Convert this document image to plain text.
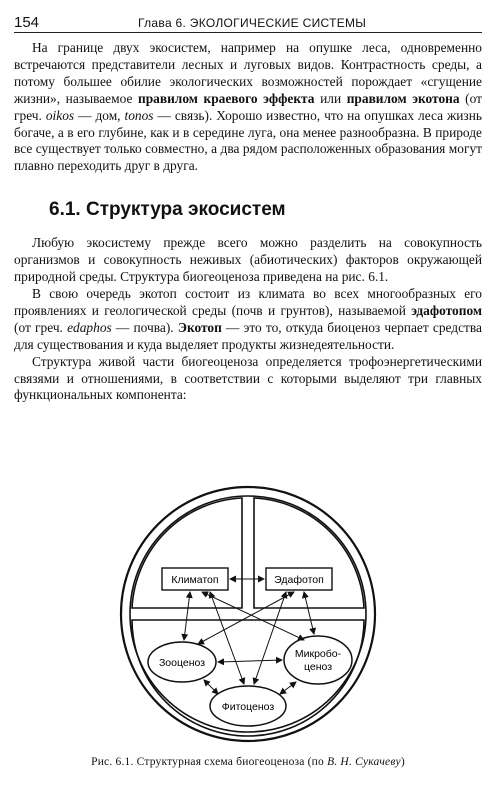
154	Глава 6. ЭКОЛОГИЧЕСКИЕ СИСТЕМЫ

На границе двух экосистем, например на опушке леса, одновременно встречаются представители лесных и луговых видов. Контрастность среды, а потому большее обилие экологических возможностей порождает «сгущение жизни», называемое правилом краевого эффекта или правилом экотона (от греч. oikos — дом, tonos — связь). Хорошо известно, что на опушках леса жизнь богаче, а в его глубине, как и в середине луга, она менее разнообразна. В природе все существует только совместно, а два рядом расположенных образования могут плавно переходить друг в друга.

6.1. Структура экосистем

Любую экосистему прежде всего можно разделить на совокупность организмов и совокупность неживых (абиотических) факторов окружающей природной среды. Структура биогеоценоза приведена на рис. 6.1.

В свою очередь экотоп состоит из климата во всех многообразных его проявлениях и геологической среды (почв и грунтов), называемой эдафотопом (от греч. edaphos — почва). Экотоп — это то, откуда биоценоз черпает средства для существования и куда выделяет продукты жизнедеятельности.

Структура живой части биогеоценоза определяется трофоэнергетическими связями и отношениями, в соответствии с которыми выделяют три главных функциональных компонента:

Климатоп	Эдафотоп
Зооценоз
Микробо-
ценоз
Фитоценоз
Рис. 6.1. Структурная схема биогеоценоза (по В. Н. Сукачеву)
